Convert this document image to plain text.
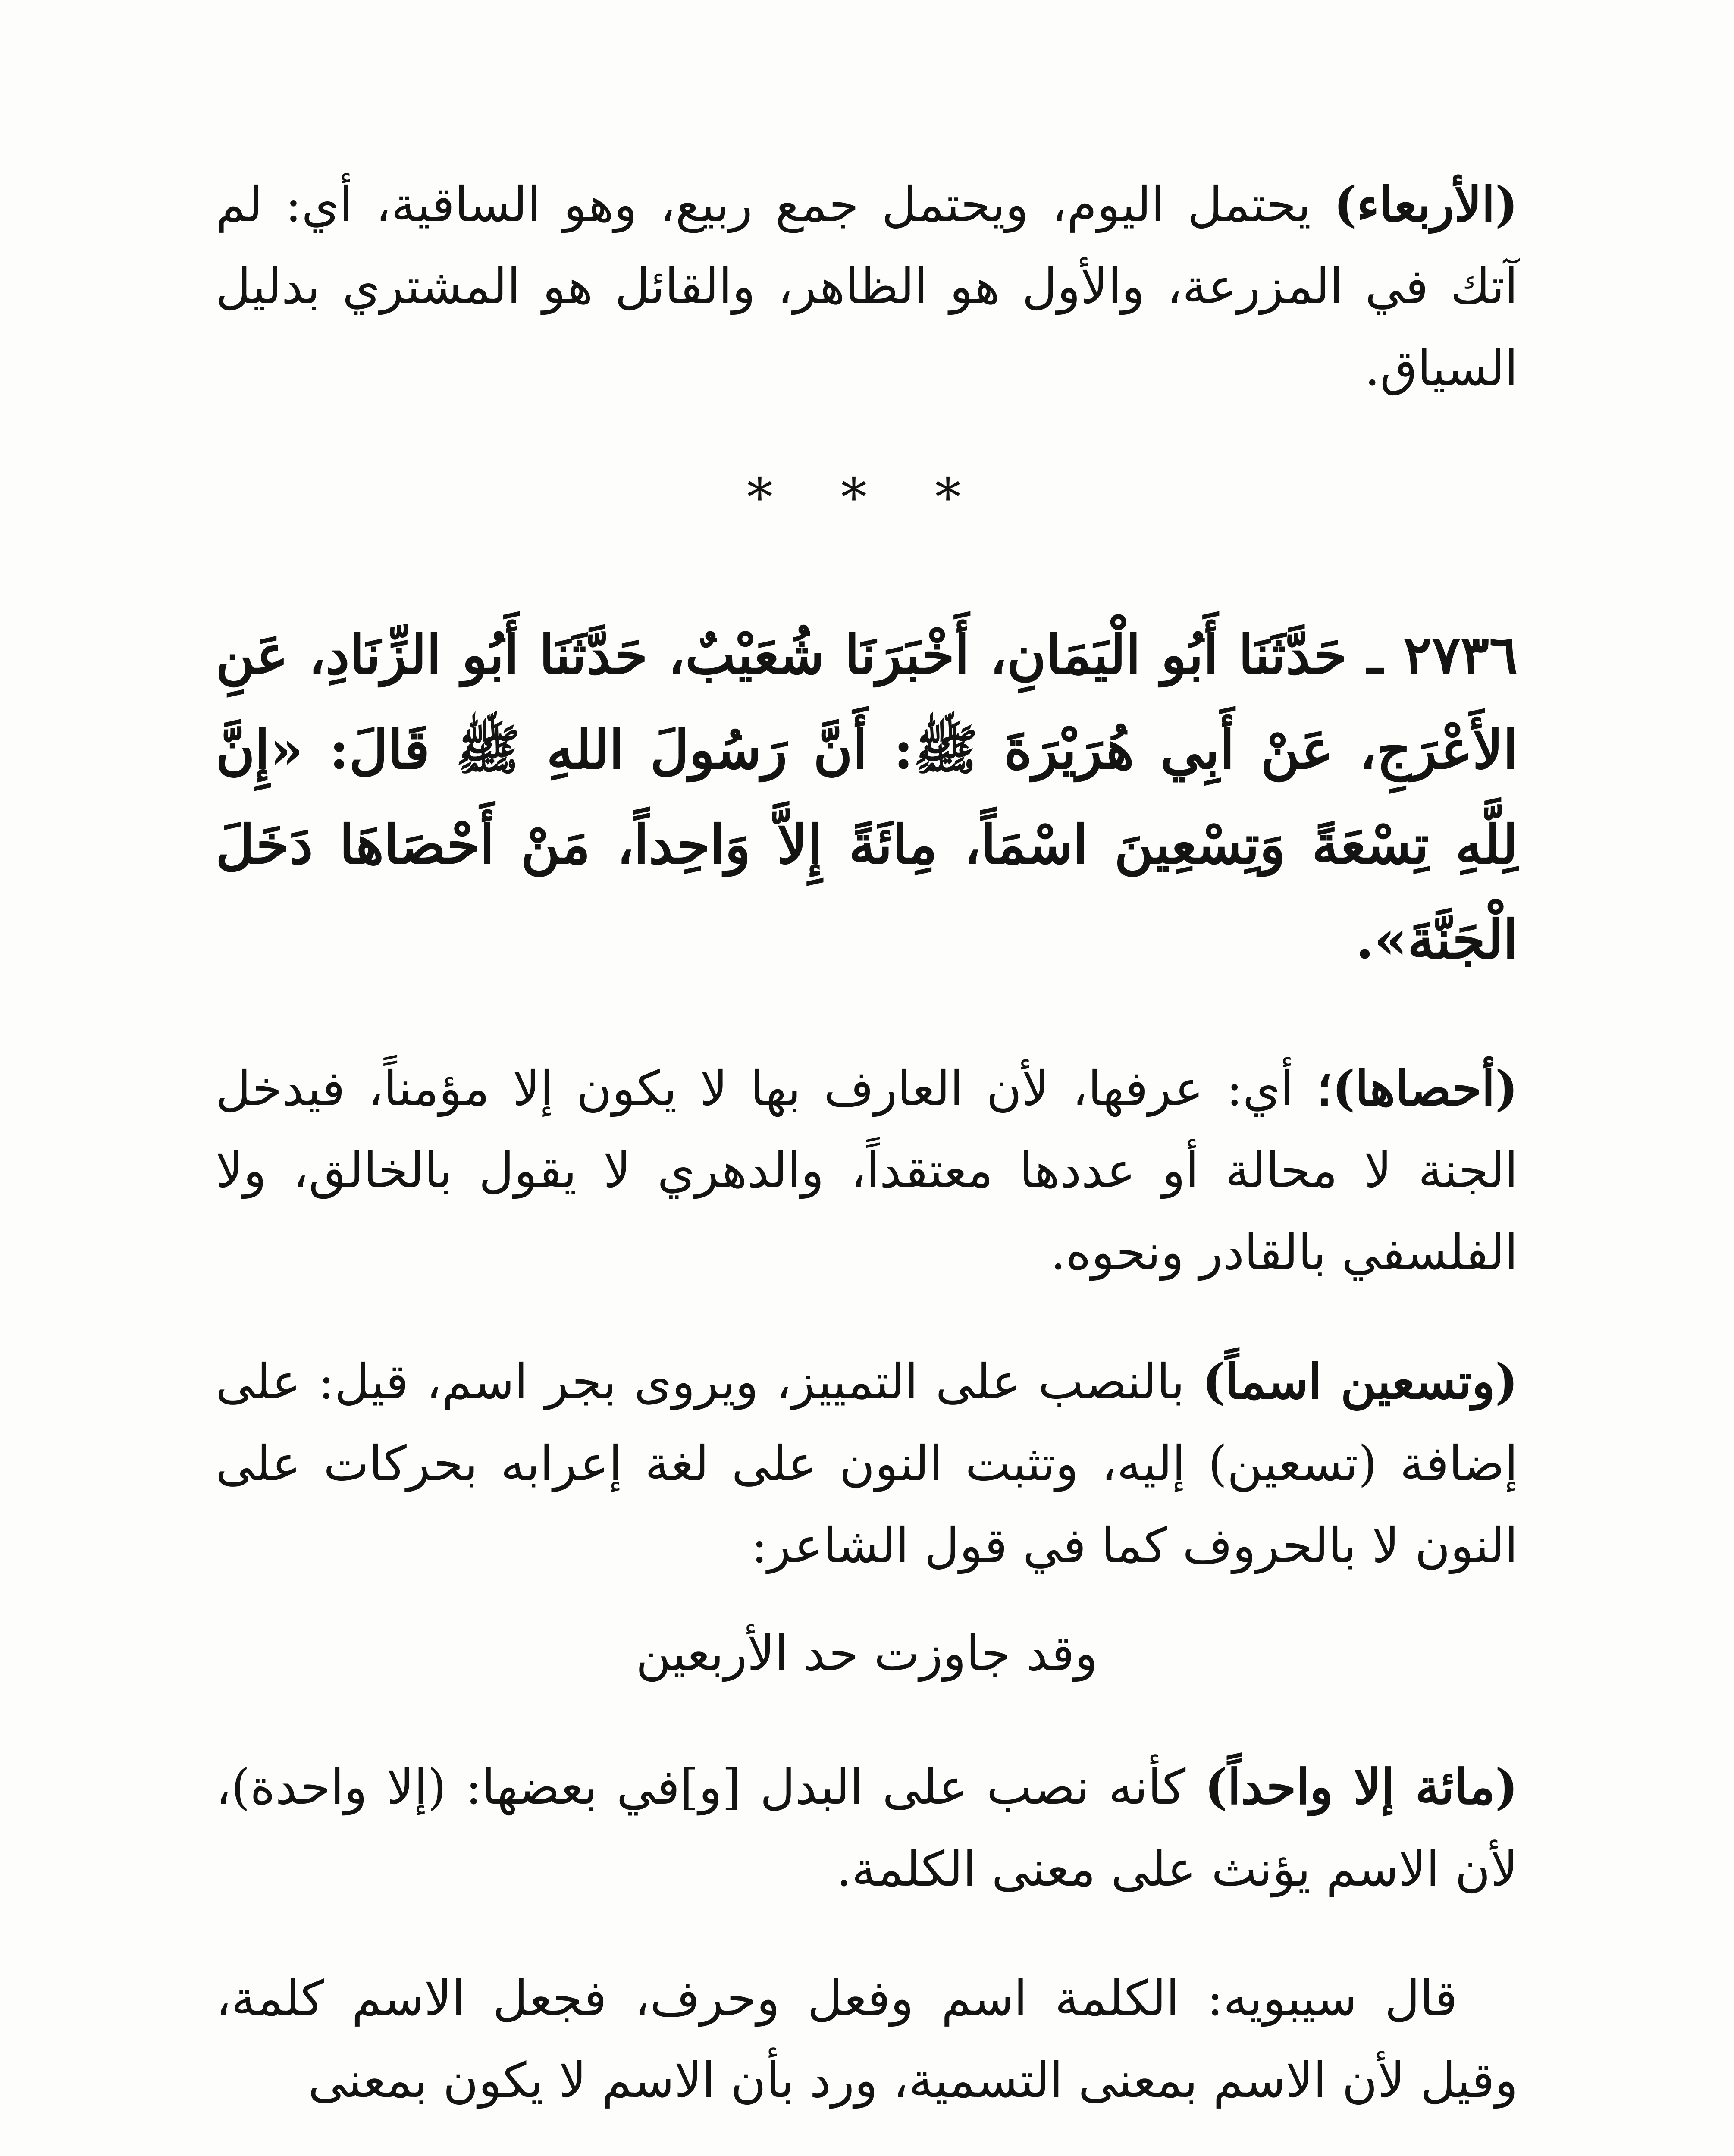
(الأربعاء) يحتمل اليوم، ويحتمل جمع ربيع، وهو الساقية، أي: لم آتك في المزرعة، والأول هو الظاهر، والقائل هو المشتري بدليل السياق.

* * *

٢٧٣٦ ـ حَدَّثَنَا أَبُو الْيَمَانِ، أَخْبَرَنَا شُعَيْبٌ، حَدَّثَنَا أَبُو الزِّنَادِ، عَنِ الأَعْرَجِ، عَنْ أَبِي هُرَيْرَةَ ﷺ: أَنَّ رَسُولَ اللهِ ﷺ قَالَ: «إِنَّ لِلَّهِ تِسْعَةً وَتِسْعِينَ اسْمَاً، مِائَةً إِلاَّ وَاحِداً، مَنْ أَحْصَاهَا دَخَلَ الْجَنَّةَ».

(أحصاها)؛ أي: عرفها، لأن العارف بها لا يكون إلا مؤمناً، فيدخل الجنة لا محالة أو عددها معتقداً، والدهري لا يقول بالخالق، ولا الفلسفي بالقادر ونحوه.

(وتسعين اسماً) بالنصب على التمييز، ويروى بجر اسم، قيل: على إضافة (تسعين) إليه، وتثبت النون على لغة إعرابه بحركات على النون لا بالحروف كما في قول الشاعر:

وقد جاوزت حد الأربعين

(مائة إلا واحداً) كأنه نصب على البدل [و]في بعضها: (إلا واحدة)، لأن الاسم يؤنث على معنى الكلمة.

قال سيبويه: الكلمة اسم وفعل وحرف، فجعل الاسم كلمة، وقيل لأن الاسم بمعنى التسمية، ورد بأن الاسم لا يكون بمعنى
